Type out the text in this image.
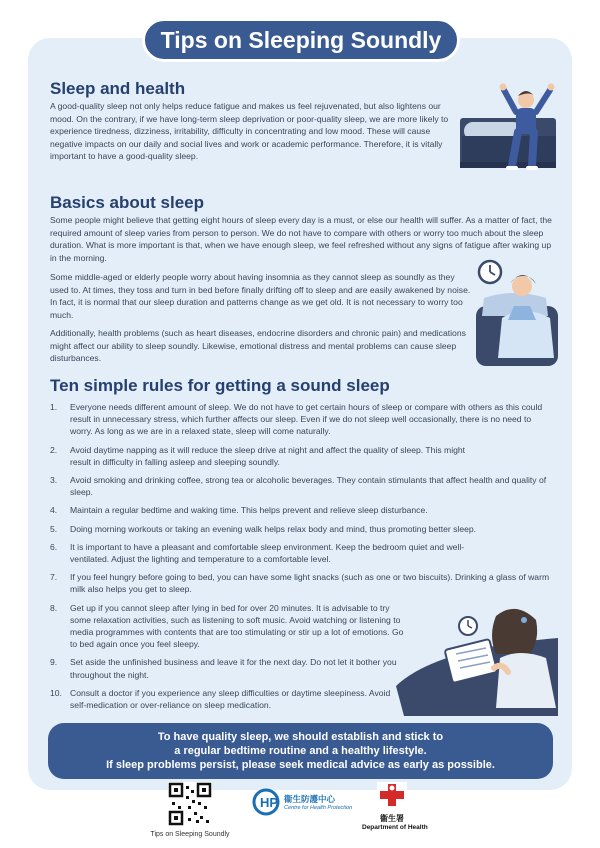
Tips on Sleeping Soundly
Sleep and health

A good-quality sleep not only helps reduce fatigue and makes us feel rejuvenated, but also lightens our mood. On the contrary, if we have long-term sleep deprivation or poor-quality sleep, we are more likely to experience tiredness, dizziness, irritability, difficulty in concentrating and low mood. These will cause negative impacts on our daily and social lives and work or academic performance. Therefore, it is vitally important to have a good-quality sleep.

Basics about sleep

Some people might believe that getting eight hours of sleep every day is a must, or else our health will suffer. As a matter of fact, the required amount of sleep varies from person to person. We do not have to compare with others or worry too much about the sleep duration. What is more important is that, when we have enough sleep, we feel refreshed without any signs of fatigue after waking up in the morning.

Some middle-aged or elderly people worry about having insomnia as they cannot sleep as soundly as they used to. At times, they toss and turn in bed before finally drifting off to sleep and are easily awakened by noise. In fact, it is normal that our sleep duration and patterns change as we get old. It is not necessary to worry too much.

Additionally, health problems (such as heart diseases, endocrine disorders and chronic pain) and medications might affect our ability to sleep soundly. Likewise, emotional distress and mental problems can cause sleep disturbances.

Ten simple rules for getting a sound sleep
1. Everyone needs different amount of sleep. We do not have to get certain hours of sleep or compare with others as this could result in unnecessary stress, which further affects our sleep. Even if we do not sleep well occasionally, there is no need to worry. As long as we are in a relaxed state, sleep will come naturally.
2. Avoid daytime napping as it will reduce the sleep drive at night and affect the quality of sleep. This might result in difficulty in falling asleep and sleeping soundly.
3. Avoid smoking and drinking coffee, strong tea or alcoholic beverages. They contain stimulants that affect health and quality of sleep.
4. Maintain a regular bedtime and waking time. This helps prevent and relieve sleep disturbance.
5. Doing morning workouts or taking an evening walk helps relax body and mind, thus promoting better sleep.
6. It is important to have a pleasant and comfortable sleep environment. Keep the bedroom quiet and well-ventilated. Adjust the lighting and temperature to a comfortable level.
7. If you feel hungry before going to bed, you can have some light snacks (such as one or two biscuits). Drinking a glass of warm milk also helps you get to sleep.
8. Get up if you cannot sleep after lying in bed for over 20 minutes. It is advisable to try some relaxation activities, such as listening to soft music. Avoid watching or listening to media programmes with contents that are too stimulating or stir up a lot of emotions. Go to bed again once you feel sleepy.
9. Set aside the unfinished business and leave it for the next day. Do not let it bother you throughout the night.
10. Consult a doctor if you experience any sleep difficulties or daytime sleepiness. Avoid self-medication or over-reliance on sleep medication.
To have quality sleep, we should establish and stick to
a regular bedtime routine and a healthy lifestyle.
If sleep problems persist, please seek medical advice as early as possible.
Tips on Sleeping Soundly
HP 衞生防護中心
Centre for Health Protection
衞生署
Department of Health
